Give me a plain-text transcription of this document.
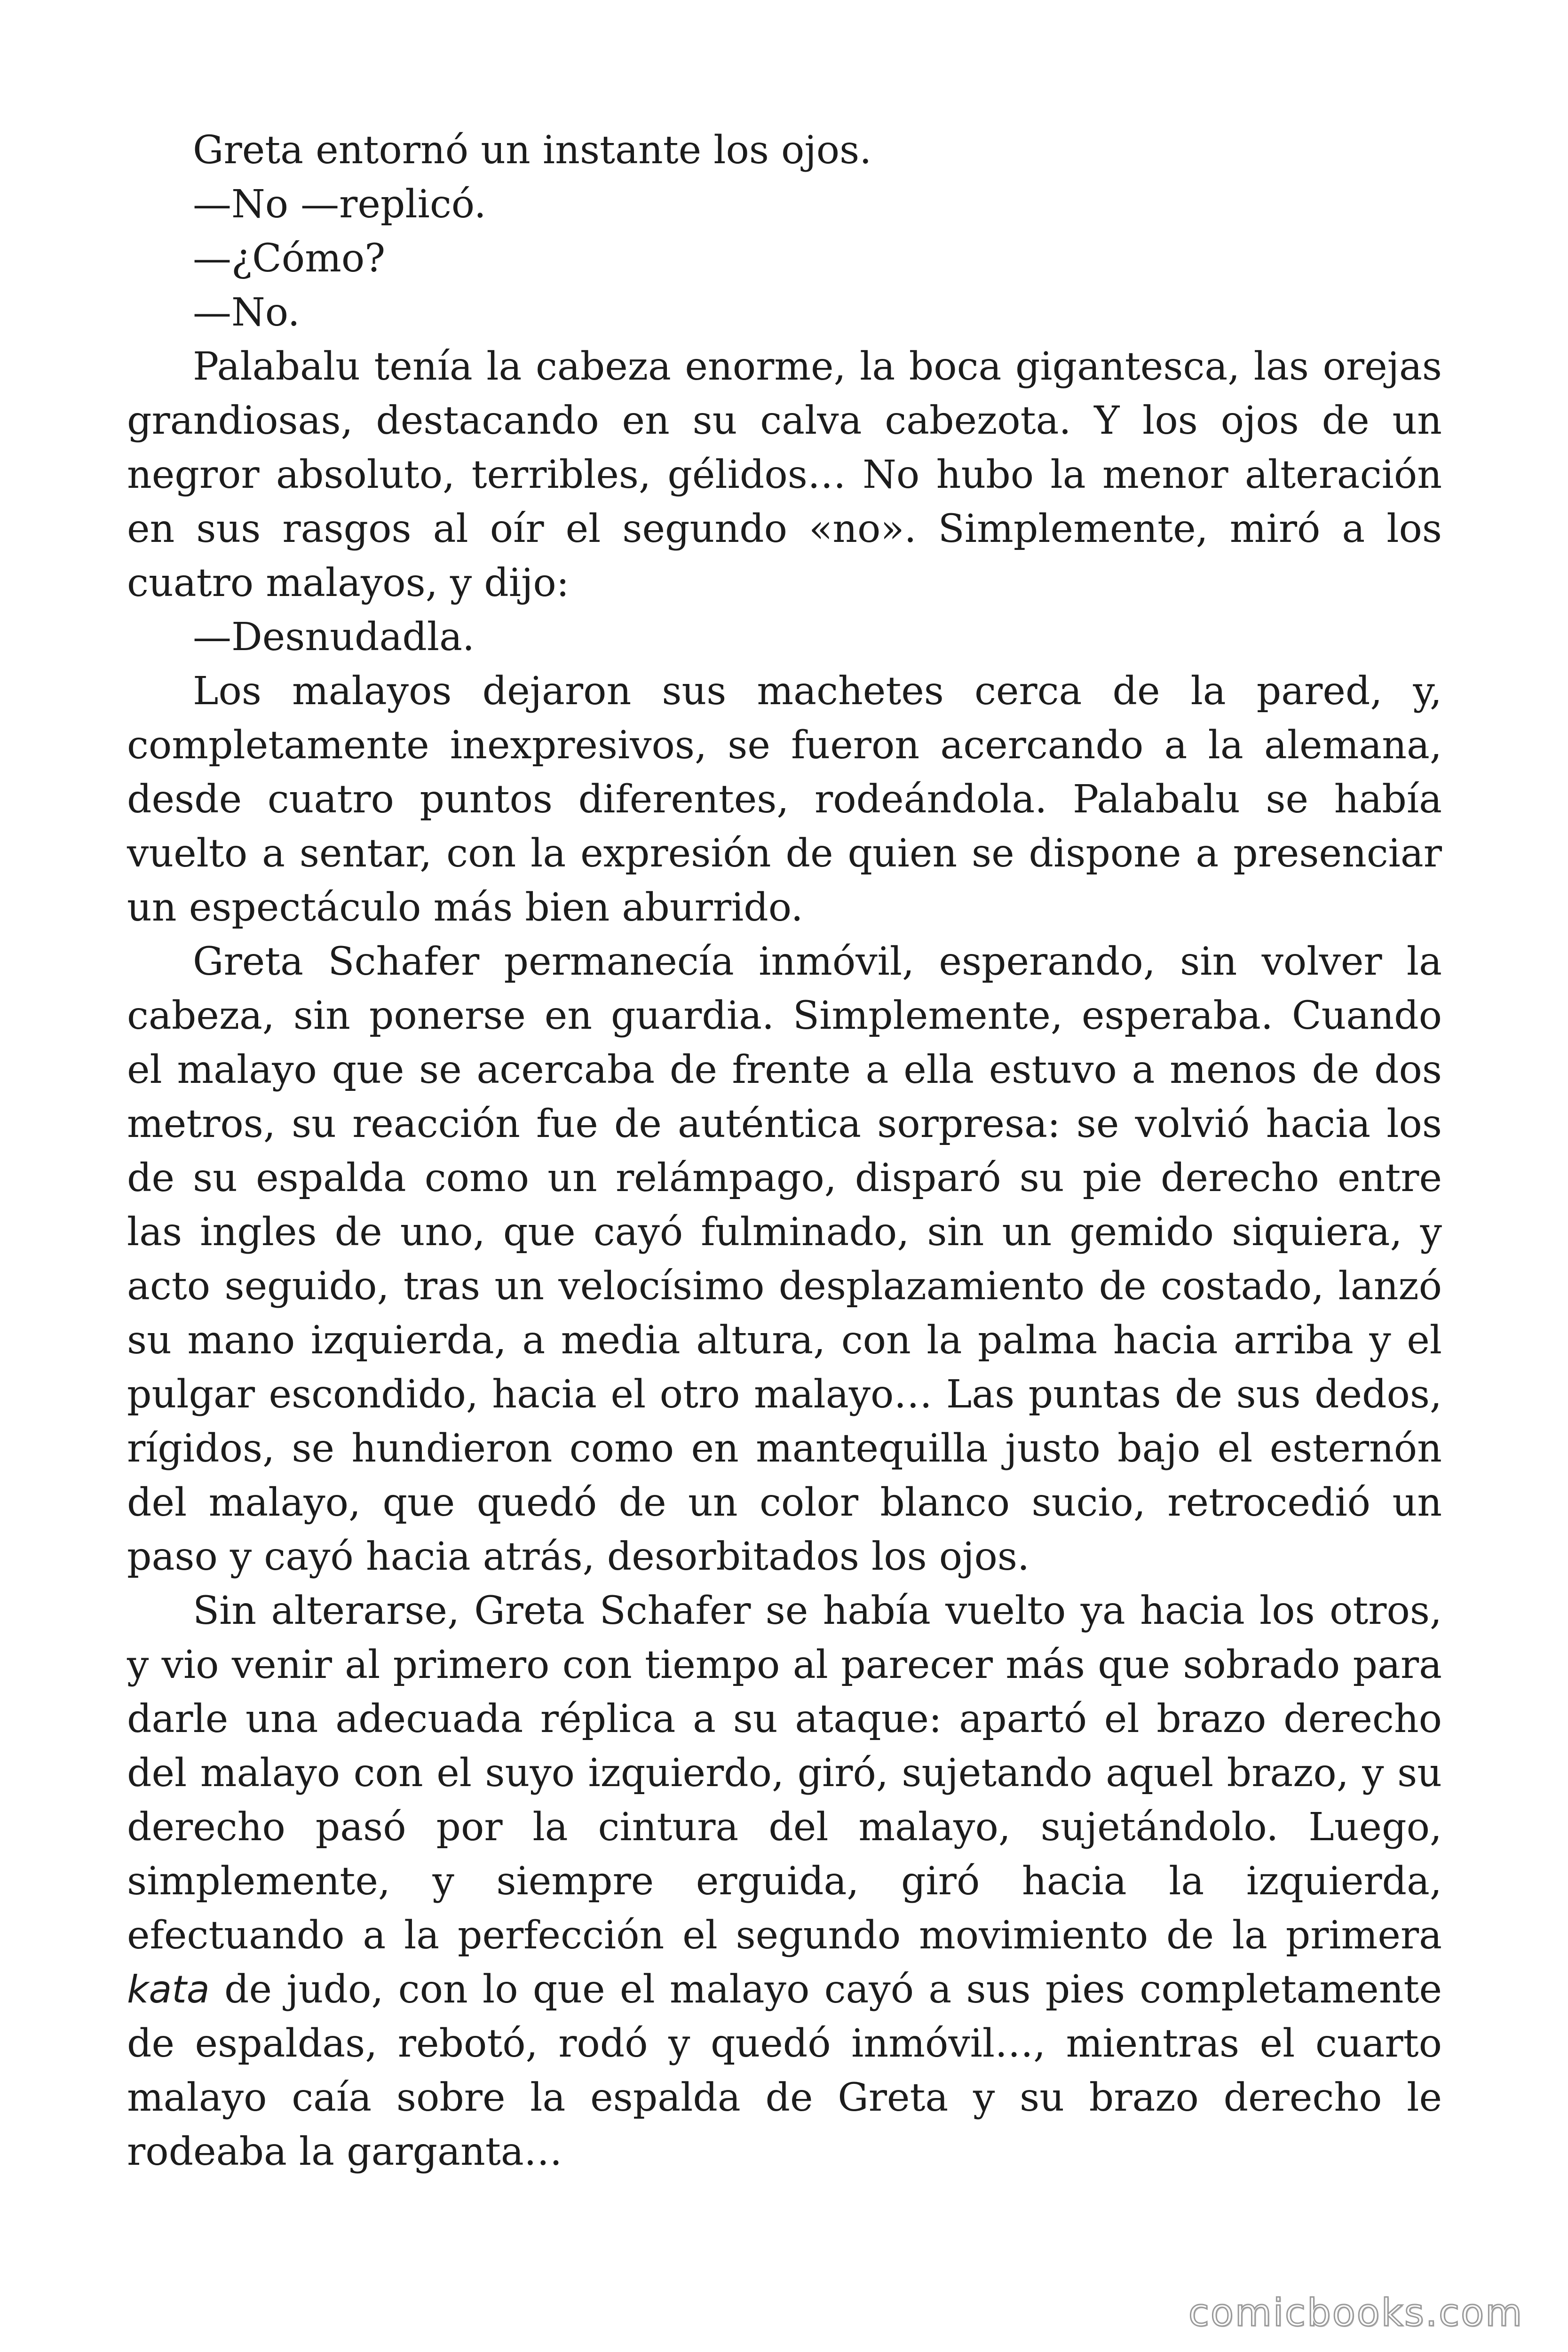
Greta entornó un instante los ojos.

—No —replicó.

—¿Cómo?

—No.

Palabalu tenía la cabeza enorme, la boca gigantesca, las orejas grandiosas, destacando en su calva cabezota. Y los ojos de un negror absoluto, terribles, gélidos… No hubo la menor alteración en sus rasgos al oír el segundo «no». Simplemente, miró a los cuatro malayos, y dijo:

—Desnudadla.

Los malayos dejaron sus machetes cerca de la pared, y, completamente inexpresivos, se fueron acercando a la alemana, desde cuatro puntos diferentes, rodeándola. Palabalu se había vuelto a sentar, con la expresión de quien se dispone a presenciar un espectáculo más bien aburrido.

Greta Schafer permanecía inmóvil, esperando, sin volver la cabeza, sin ponerse en guardia. Simplemente, esperaba. Cuando el malayo que se acercaba de frente a ella estuvo a menos de dos metros, su reacción fue de auténtica sorpresa: se volvió hacia los de su espalda como un relámpago, disparó su pie derecho entre las ingles de uno, que cayó fulminado, sin un gemido siquiera, y acto seguido, tras un velocísimo desplazamiento de costado, lanzó su mano izquierda, a media altura, con la palma hacia arriba y el pulgar escondido, hacia el otro malayo… Las puntas de sus dedos, rígidos, se hundieron como en mantequilla justo bajo el esternón del malayo, que quedó de un color blanco sucio, retrocedió un paso y cayó hacia atrás, desorbitados los ojos.

Sin alterarse, Greta Schafer se había vuelto ya hacia los otros, y vio venir al primero con tiempo al parecer más que sobrado para darle una adecuada réplica a su ataque: apartó el brazo derecho del malayo con el suyo izquierdo, giró, sujetando aquel brazo, y su derecho pasó por la cintura del malayo, sujetándolo. Luego, simplemente, y siempre erguida, giró hacia la izquierda, efectuando a la perfección el segundo movimiento de la primera kata de judo, con lo que el malayo cayó a sus pies completamente de espaldas, rebotó, rodó y quedó inmóvil…, mientras el cuarto malayo caía sobre la espalda de Greta y su brazo derecho le rodeaba la garganta…

comicbooks.com
